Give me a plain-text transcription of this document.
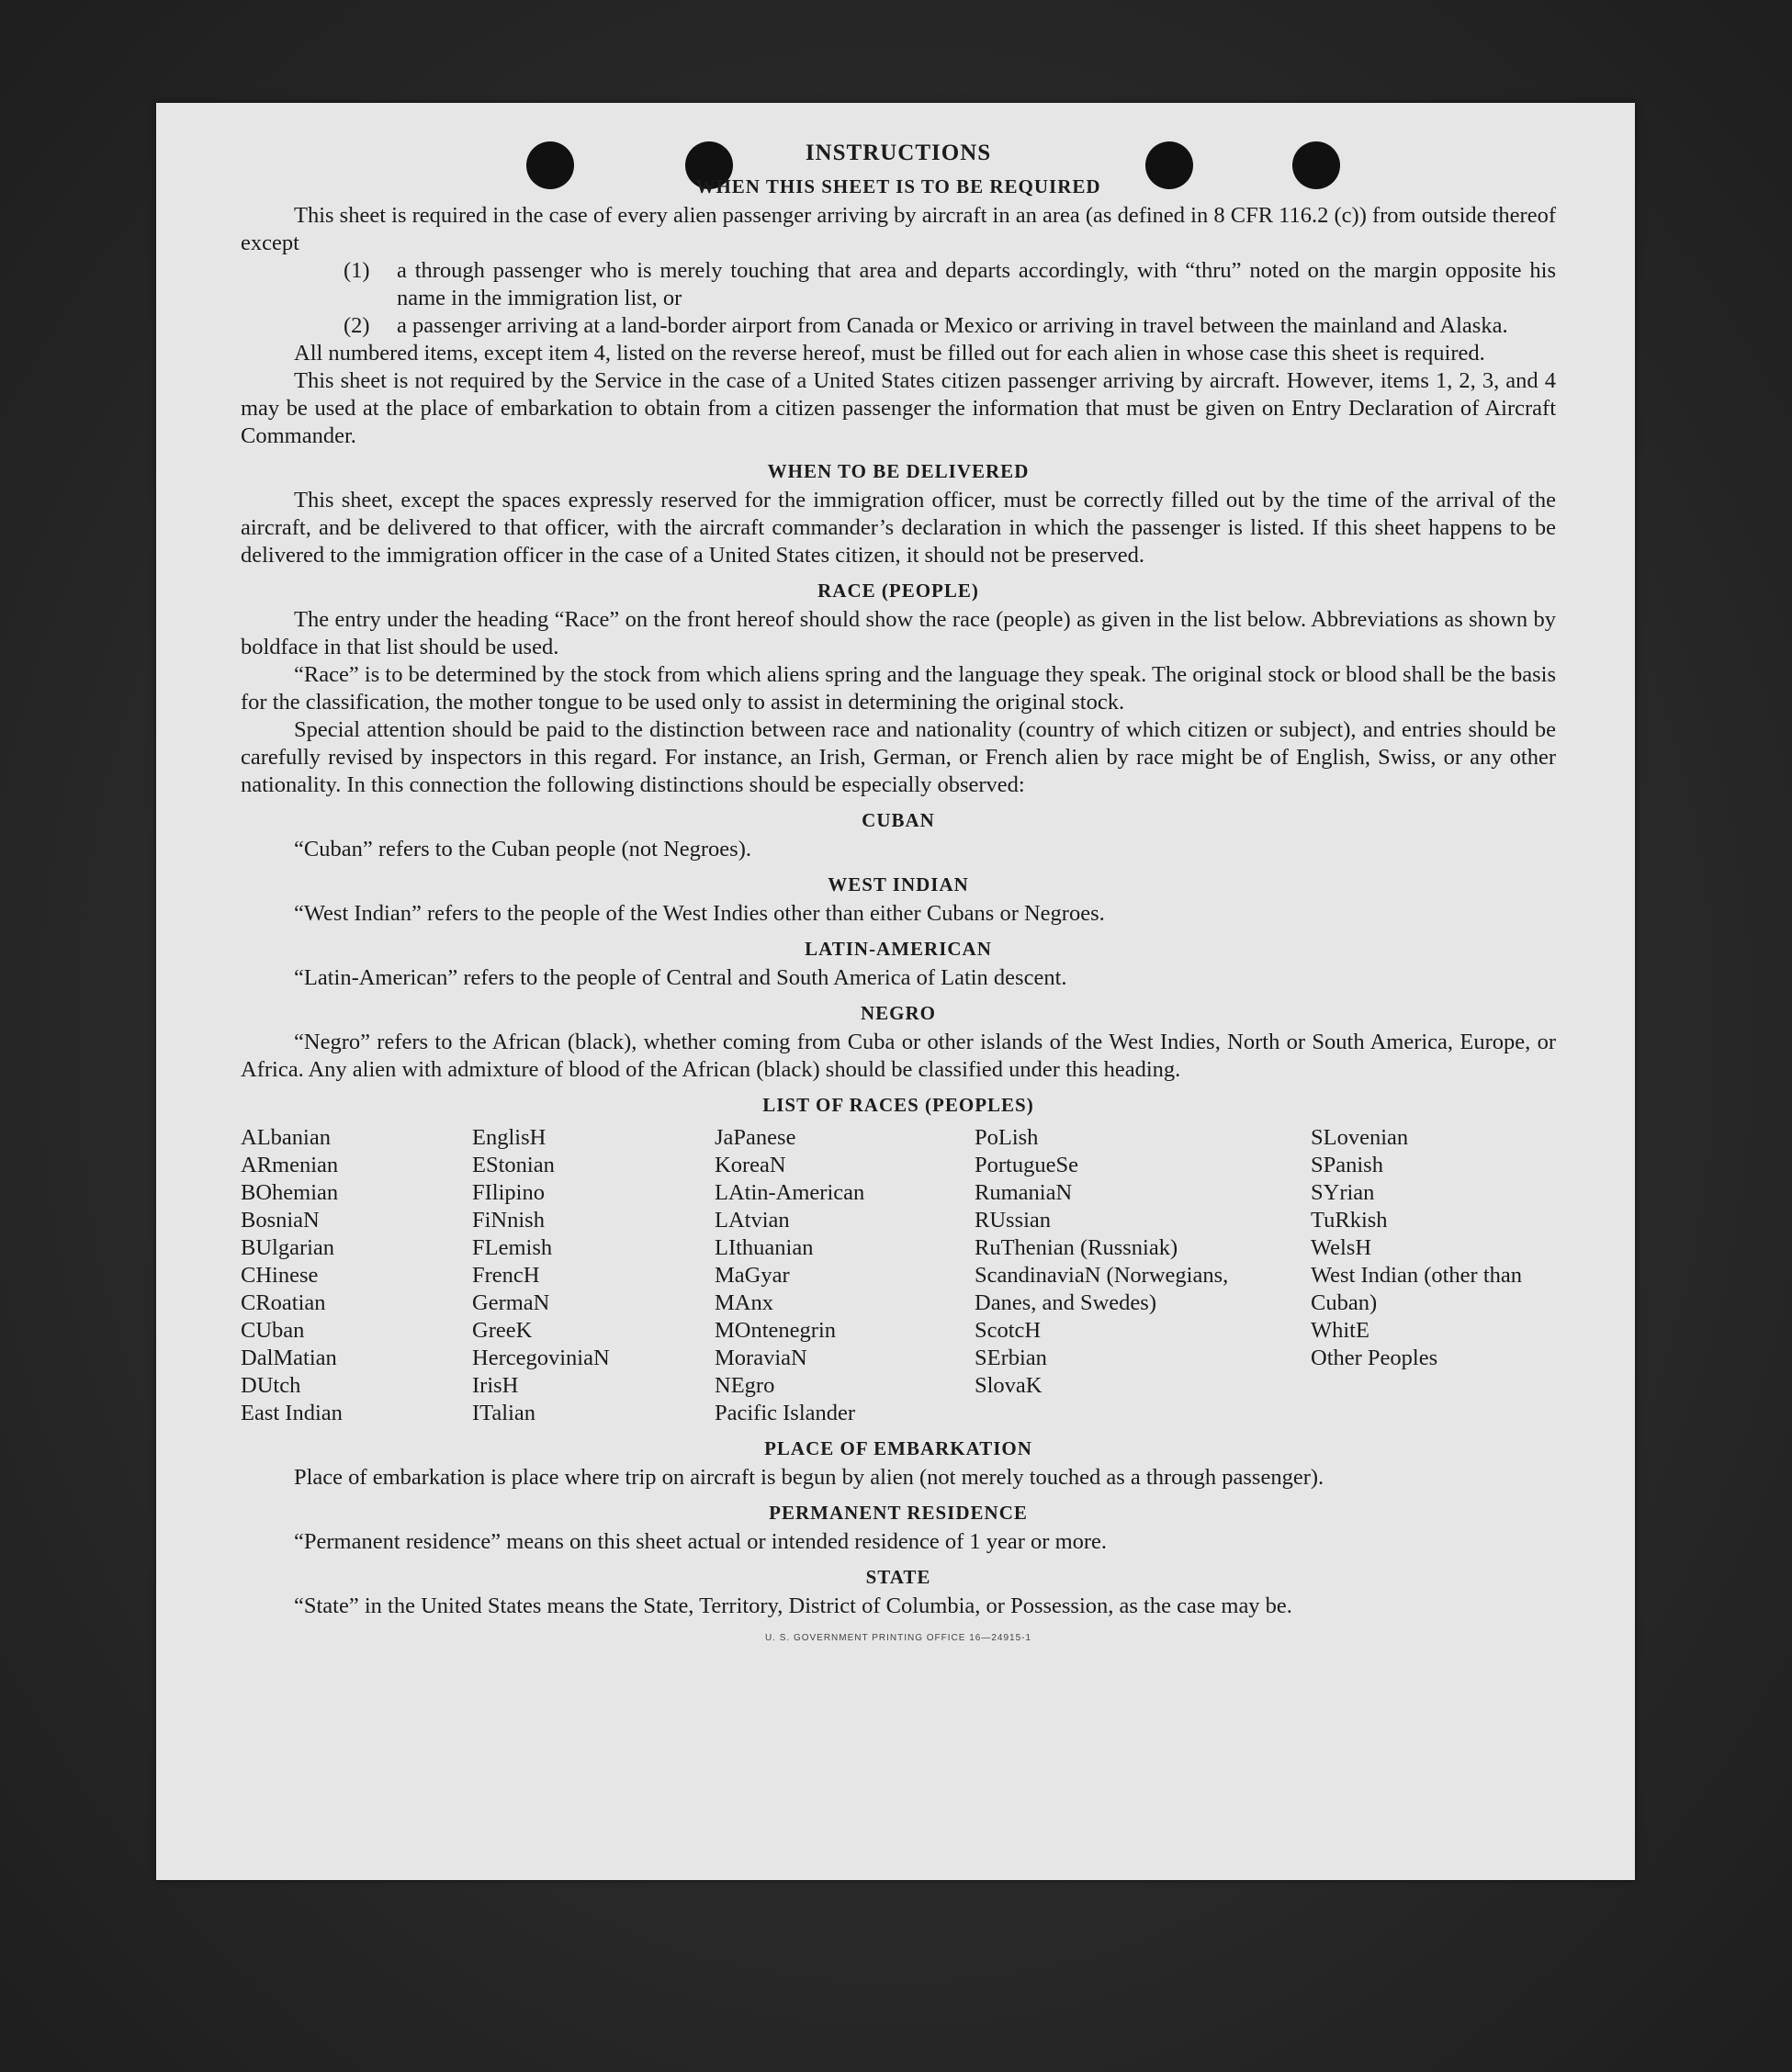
INSTRUCTIONS
WHEN THIS SHEET IS TO BE REQUIRED

This sheet is required in the case of every alien passenger arriving by aircraft in an area (as defined in 8 CFR 116.2 (c)) from outside thereof except

(1)	a through passenger who is merely touching that area and departs accordingly, with “thru” noted on the margin opposite his name in the immigration list, or
(2)	a passenger arriving at a land-border airport from Canada or Mexico or arriving in travel between the mainland and Alaska.

All numbered items, except item 4, listed on the reverse hereof, must be filled out for each alien in whose case this sheet is required.

This sheet is not required by the Service in the case of a United States citizen passenger arriving by aircraft. However, items 1, 2, 3, and 4 may be used at the place of embarkation to obtain from a citizen passenger the information that must be given on Entry Declaration of Aircraft Commander.

WHEN TO BE DELIVERED

This sheet, except the spaces expressly reserved for the immigration officer, must be correctly filled out by the time of the arrival of the aircraft, and be delivered to that officer, with the aircraft commander’s declaration in which the passenger is listed. If this sheet happens to be delivered to the immigration officer in the case of a United States citizen, it should not be preserved.

RACE (PEOPLE)

The entry under the heading “Race” on the front hereof should show the race (people) as given in the list below. Abbreviations as shown by boldface in that list should be used.

“Race” is to be determined by the stock from which aliens spring and the language they speak. The original stock or blood shall be the basis for the classification, the mother tongue to be used only to assist in determining the original stock.

Special attention should be paid to the distinction between race and nationality (country of which citizen or subject), and entries should be carefully revised by inspectors in this regard. For instance, an Irish, German, or French alien by race might be of English, Swiss, or any other nationality. In this connection the following distinctions should be especially observed:

CUBAN
“Cuban” refers to the Cuban people (not Negroes).
WEST INDIAN
“West Indian” refers to the people of the West Indies other than either Cubans or Negroes.
LATIN-AMERICAN
“Latin-American” refers to the people of Central and South America of Latin descent.
NEGRO

“Negro” refers to the African (black), whether coming from Cuba or other islands of the West Indies, North or South America, Europe, or Africa. Any alien with admixture of blood of the African (black) should be classified under this heading.

LIST OF RACES (PEOPLES)
ALbanian
ARmenian
BOhemian
BosniaN
BUlgarian
CHinese
CRoatian
CUban
DalMatian
DUtch
East Indian
EnglisH
EStonian
FIlipino
FiNnish
FLemish
FrencH
GermaN
GreeK
HercegoviniaN
IrisH
ITalian
JaPanese
KoreaN
LAtin-American
LAtvian
LIthuanian
MaGyar
MAnx
MOntenegrin
MoraviaN
NEgro
Pacific Islander
PoLish
PortugueSe
RumaniaN
RUssian
RuThenian (Russniak)
ScandinaviaN (Norwegians, Danes, and Swedes)
ScotcH
SErbian
SlovaK
SLovenian
SPanish
SYrian
TuRkish
WelsH
West Indian (other than Cuban)
WhitE
Other Peoples
PLACE OF EMBARKATION

Place of embarkation is place where trip on aircraft is begun by alien (not merely touched as a through passenger).

PERMANENT RESIDENCE

“Permanent residence” means on this sheet actual or intended residence of 1 year or more.

STATE

“State” in the United States means the State, Territory, District of Columbia, or Possession, as the case may be.

U. S. GOVERNMENT PRINTING OFFICE 16—24915-1
